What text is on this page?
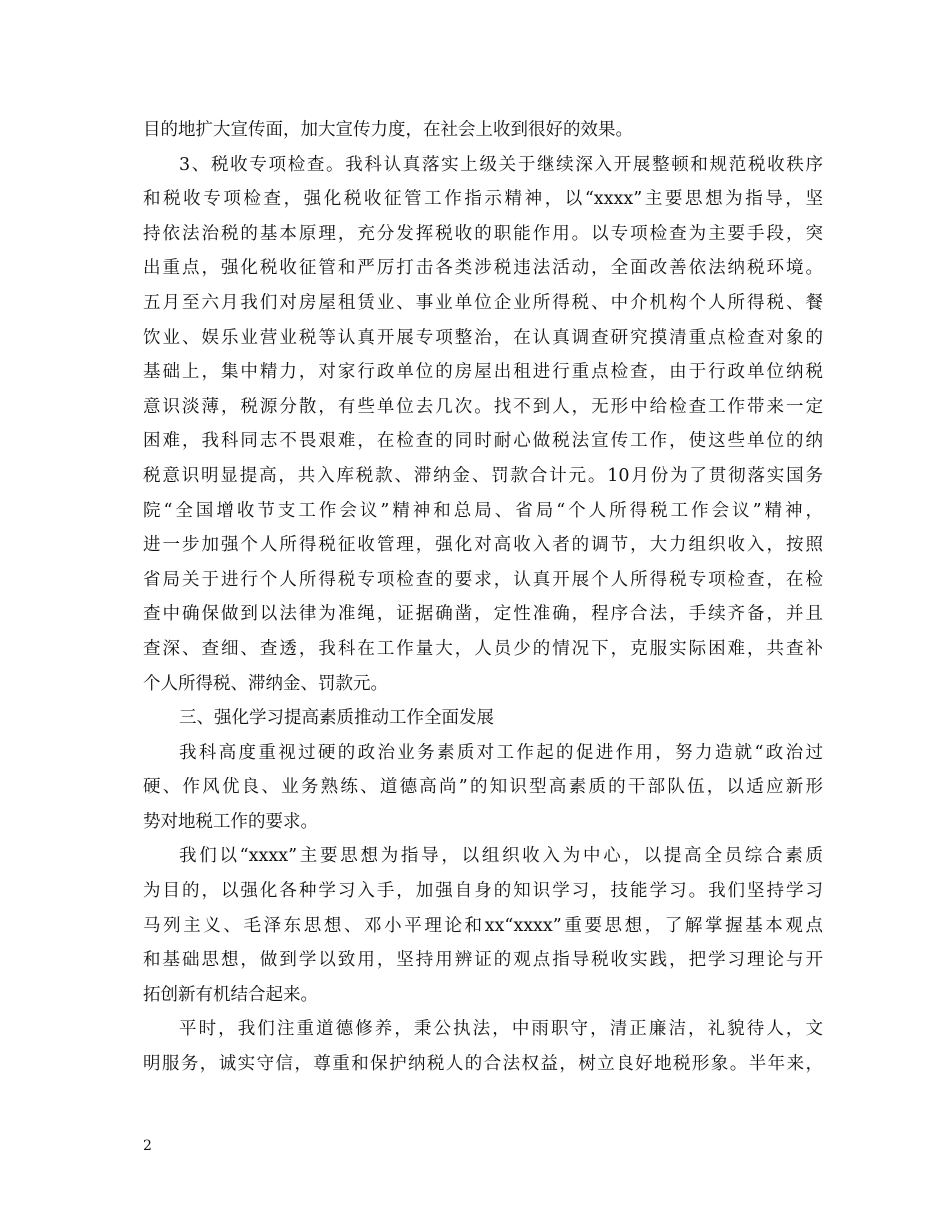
目的地扩大宣传面，加大宣传力度，在社会上收到很好的效果。
3、税收专项检查。我科认真落实上级关于继续深入开展整顿和规范税收秩序
和税收专项检查，强化税收征管工作指示精神，以“xxxx”主要思想为指导，坚
持依法治税的基本原理，充分发挥税收的职能作用。以专项检查为主要手段，突
出重点，强化税收征管和严厉打击各类涉税违法活动，全面改善依法纳税环境。
五月至六月我们对房屋租赁业、事业单位企业所得税、中介机构个人所得税、餐
饮业、娱乐业营业税等认真开展专项整治，在认真调查研究摸清重点检查对象的
基础上，集中精力，对家行政单位的房屋出租进行重点检查，由于行政单位纳税
意识淡薄，税源分散，有些单位去几次。找不到人，无形中给检查工作带来一定
困难，我科同志不畏艰难，在检查的同时耐心做税法宣传工作，使这些单位的纳
税意识明显提高，共入库税款、滞纳金、罚款合计元。10月份为了贯彻落实国务
院“全国增收节支工作会议”精神和总局、省局“个人所得税工作会议”精神，
进一步加强个人所得税征收管理，强化对高收入者的调节，大力组织收入，按照
省局关于进行个人所得税专项检查的要求，认真开展个人所得税专项检查，在检
查中确保做到以法律为准绳，证据确凿，定性准确，程序合法，手续齐备，并且
查深、查细、查透，我科在工作量大，人员少的情况下，克服实际困难，共查补
个人所得税、滞纳金、罚款元。
三、强化学习提高素质推动工作全面发展
我科高度重视过硬的政治业务素质对工作起的促进作用，努力造就“政治过
硬、作风优良、业务熟练、道德高尚”的知识型高素质的干部队伍，以适应新形
势对地税工作的要求。
我们以“xxxx”主要思想为指导，以组织收入为中心，以提高全员综合素质
为目的，以强化各种学习入手，加强自身的知识学习，技能学习。我们坚持学习
马列主义、毛泽东思想、邓小平理论和xx“xxxx”重要思想，了解掌握基本观点
和基础思想，做到学以致用，坚持用辨证的观点指导税收实践，把学习理论与开
拓创新有机结合起来。
平时，我们注重道德修养，秉公执法，中雨职守，清正廉洁，礼貌待人，文
明服务，诚实守信，尊重和保护纳税人的合法权益，树立良好地税形象。半年来，
2
